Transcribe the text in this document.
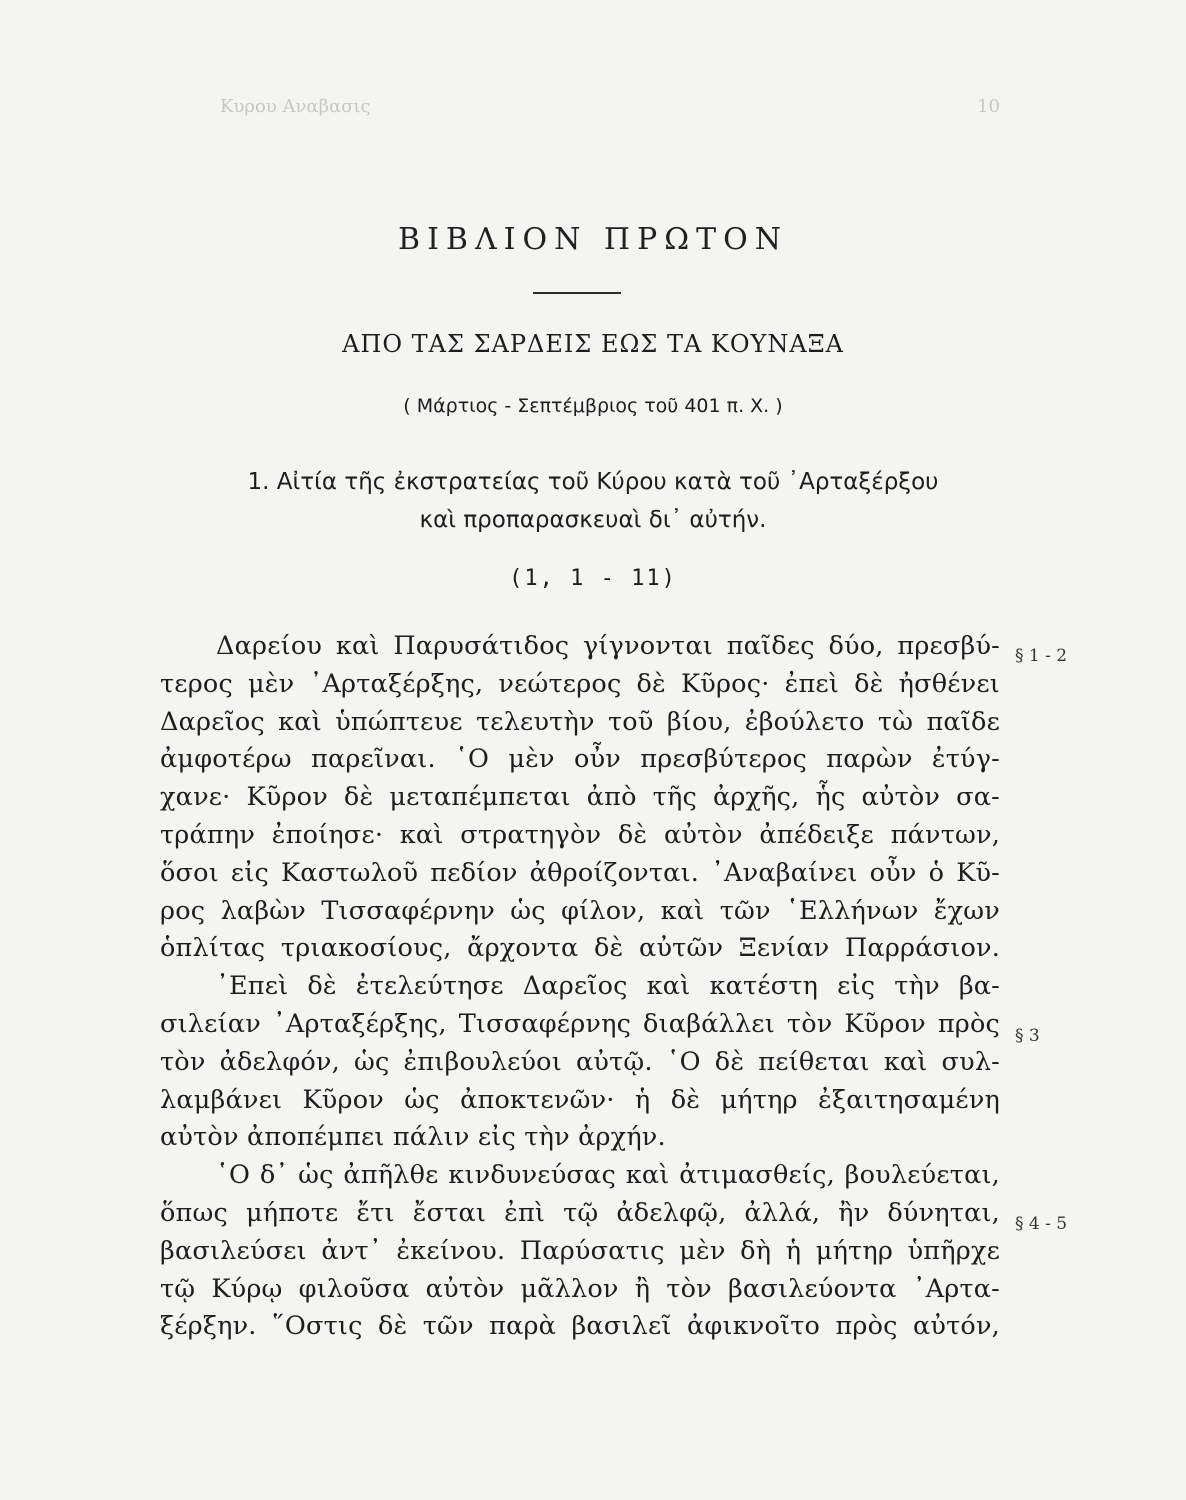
Κυρου Αναβασις	10
ΒΙΒΛΙΟΝ ΠΡΩΤΟΝ
ΑΠΟ ΤΑΣ ΣΑΡΔΕΙΣ ΕΩΣ ΤΑ ΚΟΥΝΑΞΑ
( Μάρτιος - Σεπτέμβριος τοῦ 401 π. Χ. )
1. Αἰτία τῆς ἐκστρατείας τοῦ Κύρου κατὰ τοῦ ᾿Αρταξέρξου
καὶ προπαρασκευαὶ δι᾿ αὐτήν.
(1, 1 - 11)
Δαρείου καὶ Παρυσάτιδος γίγνονται παῖδες δύο, πρεσβύ-
τερος μὲν ᾿Αρταξέρξης, νεώτερος δὲ Κῦρος· ἐπεὶ δὲ ἠσθένει
Δαρεῖος καὶ ὑπώπτευε τελευτὴν τοῦ βίου, ἐβούλετο τὼ παῖδε
ἀμφοτέρω παρεῖναι. ῾Ο μὲν οὖν πρεσβύτερος παρὼν ἐτύγ-
χανε· Κῦρον δὲ μεταπέμπεται ἀπὸ τῆς ἀρχῆς, ἧς αὐτὸν σα-
τράπην ἐποίησε· καὶ στρατηγὸν δὲ αὐτὸν ἀπέδειξε πάντων,
ὅσοι εἰς Καστωλοῦ πεδίον ἀθροίζονται. ᾿Αναβαίνει οὖν ὁ Κῦ-
ρος λαβὼν Τισσαφέρνην ὡς φίλον, καὶ τῶν ῾Ελλήνων ἔχων
ὁπλίτας τριακοσίους, ἄρχοντα δὲ αὐτῶν Ξενίαν Παρράσιον.
᾿Επεὶ δὲ ἐτελεύτησε Δαρεῖος καὶ κατέστη εἰς τὴν βα-
σιλείαν ᾿Αρταξέρξης, Τισσαφέρνης διαβάλλει τὸν Κῦρον πρὸς
τὸν ἀδελφόν, ὡς ἐπιβουλεύοι αὐτῷ. ῾Ο δὲ πείθεται καὶ συλ-
λαμβάνει Κῦρον ὡς ἀποκτενῶν· ἡ δὲ μήτηρ ἐξαιτησαμένη
αὐτὸν ἀποπέμπει πάλιν εἰς τὴν ἀρχήν.
῾Ο δ᾿ ὡς ἀπῆλθε κινδυνεύσας καὶ ἀτιμασθείς, βουλεύεται,
ὅπως μήποτε ἔτι ἔσται ἐπὶ τῷ ἀδελφῷ, ἀλλά, ἢν δύνηται,
βασιλεύσει ἀντ᾿ ἐκείνου. Παρύσατις μὲν δὴ ἡ μήτηρ ὑπῆρχε
τῷ Κύρῳ φιλοῦσα αὐτὸν μᾶλλον ἢ τὸν βασιλεύοντα ᾿Αρτα-
ξέρξην. ῞Οστις δὲ τῶν παρὰ βασιλεῖ ἀφικνοῖτο πρὸς αὐτόν,
§ 1 - 2
§ 3
§ 4 - 5
